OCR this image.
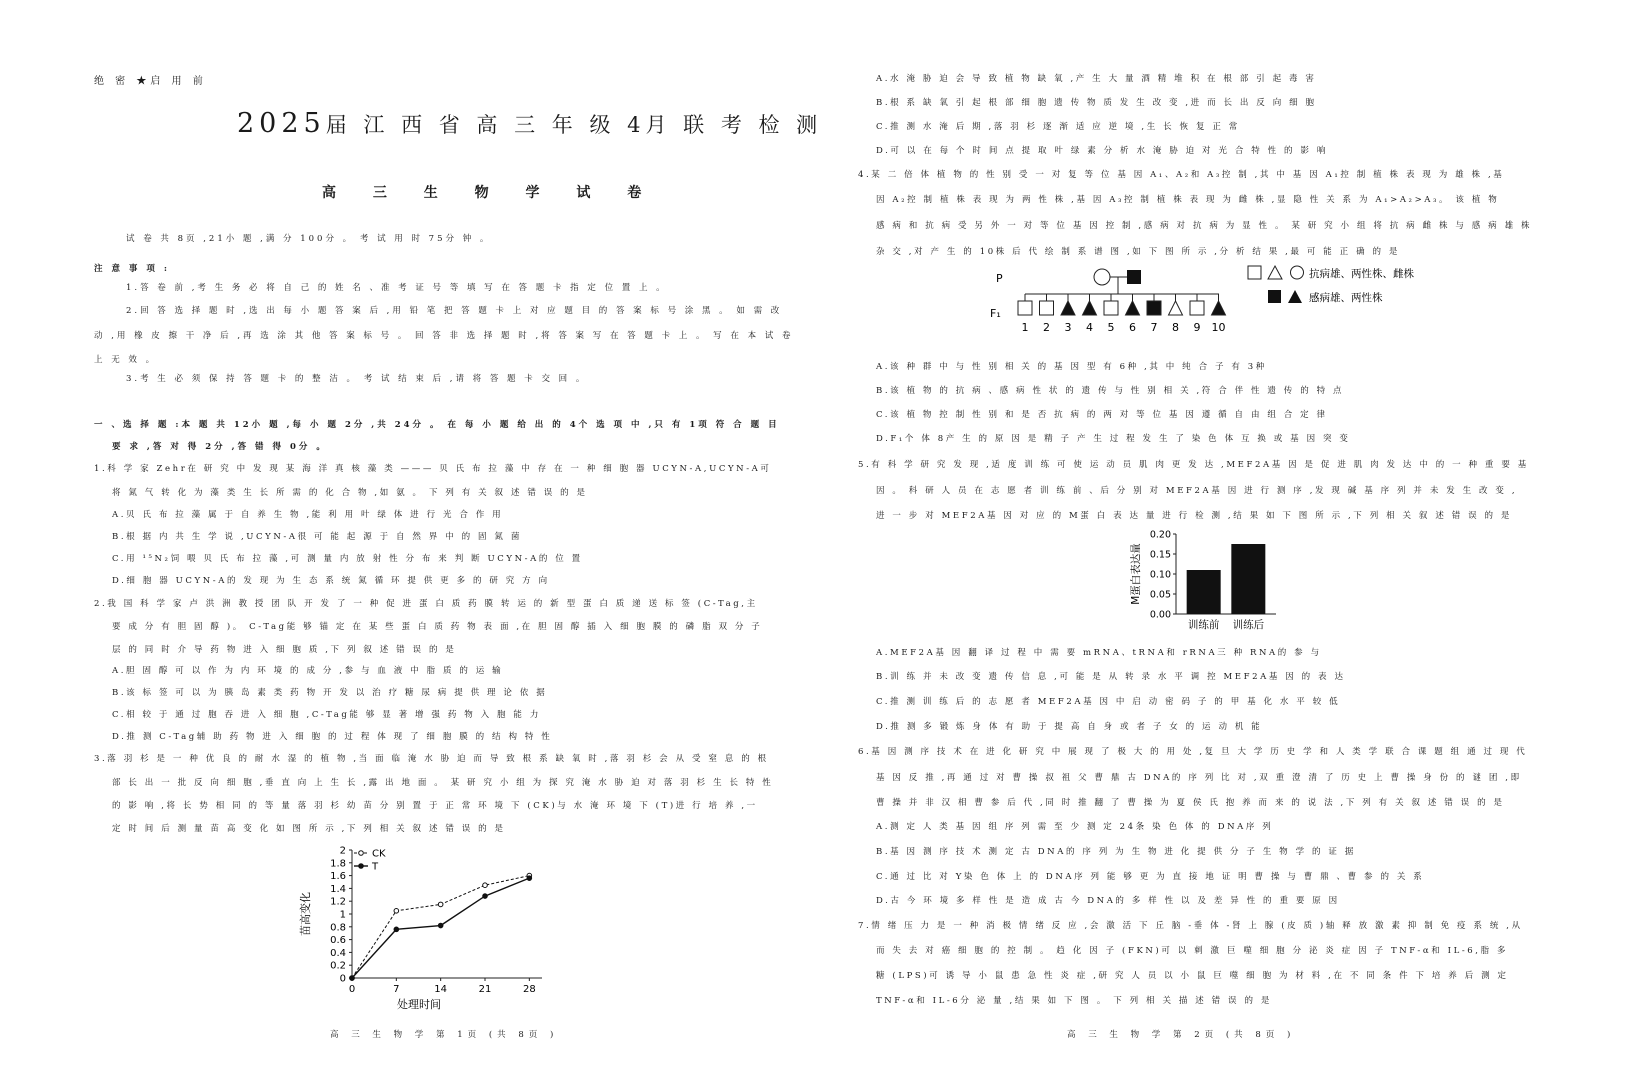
绝 密 ★启 用 前
2025届 江 西 省 高 三 年 级 4月 联 考 检 测
高 三 生 物 学 试 卷
试 卷 共 8页 ,21小 题 ,满 分 100分 。 考 试 用 时 75分 钟 。
注 意 事 项 :
1.答 卷 前 ,考 生 务 必 将 自 己 的 姓 名 、准 考 证 号 等 填 写 在 答 题 卡 指 定 位 置 上 。
2.回 答 选 择 题 时 ,选 出 每 小 题 答 案 后 ,用 铅 笔 把 答 题 卡 上 对 应 题 目 的 答 案 标 号 涂 黑 。 如 需 改
动 ,用 橡 皮 擦 干 净 后 ,再 选 涂 其 他 答 案 标 号 。 回 答 非 选 择 题 时 ,将 答 案 写 在 答 题 卡 上 。 写 在 本 试 卷
上 无 效 。
3.考 生 必 须 保 持 答 题 卡 的 整 洁 。 考 试 结 束 后 ,请 将 答 题 卡 交 回 。
一 、选 择 题 :本 题 共 12小 题 ,每 小 题 2分 ,共 24分 。 在 每 小 题 给 出 的 4个 选 项 中 ,只 有 1项 符 合 题 目
要 求 ,答 对 得 2分 ,答 错 得 0分 。
1.科 学 家 Zehr在 研 究 中 发 现 某 海 洋 真 核 藻 类 ——— 贝 氏 布 拉 藻 中 存 在 一 种 细 胞 器 UCYN-A,UCYN-A可
将 氮 气 转 化 为 藻 类 生 长 所 需 的 化 合 物 ,如 氨 。 下 列 有 关 叙 述 错 误 的 是
A.贝 氏 布 拉 藻 属 于 自 养 生 物 ,能 利 用 叶 绿 体 进 行 光 合 作 用
B.根 据 内 共 生 学 说 ,UCYN-A很 可 能 起 源 于 自 然 界 中 的 固 氮 菌
C.用 ¹⁵N₂饲 喂 贝 氏 布 拉 藻 ,可 测 量 内 放 射 性 分 布 来 判 断 UCYN-A的 位 置
D.细 胞 器 UCYN-A的 发 现 为 生 态 系 统 氮 循 环 提 供 更 多 的 研 究 方 向
2.我 国 科 学 家 卢 洪 洲 教 授 团 队 开 发 了 一 种 促 进 蛋 白 质 药 膜 转 运 的 新 型 蛋 白 质 递 送 标 签 (C-Tag,主
要 成 分 有 胆 固 醇 )。 C-Tag能 够 锚 定 在 某 些 蛋 白 质 药 物 表 面 ,在 胆 固 醇 插 入 细 胞 膜 的 磷 脂 双 分 子
层 的 同 时 介 导 药 物 进 入 细 胞 质 ,下 列 叙 述 错 误 的 是
A.胆 固 醇 可 以 作 为 内 环 境 的 成 分 ,参 与 血 液 中 脂 质 的 运 输
B.该 标 签 可 以 为 胰 岛 素 类 药 物 开 发 以 治 疗 糖 尿 病 提 供 理 论 依 据
C.相 较 于 通 过 胞 吞 进 入 细 胞 ,C-Tag能 够 显 著 增 强 药 物 入 胞 能 力
D.推 测 C-Tag辅 助 药 物 进 入 细 胞 的 过 程 体 现 了 细 胞 膜 的 结 构 特 性
3.落 羽 杉 是 一 种 优 良 的 耐 水 湿 的 植 物 ,当 面 临 淹 水 胁 迫 而 导 致 根 系 缺 氧 时 ,落 羽 杉 会 从 受 窒 息 的 根
部 长 出 一 批 反 向 细 胞 ,垂 直 向 上 生 长 ,露 出 地 面 。 某 研 究 小 组 为 探 究 淹 水 胁 迫 对 落 羽 杉 生 长 特 性
的 影 响 ,将 长 势 相 同 的 等 量 落 羽 杉 幼 苗 分 别 置 于 正 常 环 境 下 (CK)与 水 淹 环 境 下 (T)进 行 培 养 ,一
定 时 间 后 测 量 苗 高 变 化 如 图 所 示 ,下 列 相 关 叙 述 错 误 的 是
0
0.2
0.4
0.6
0.8
1
1.2
1.4
1.6
1.8
2
0	7	14	21	28
处理时间
苗高变化
CK
T
高 三 生 物 学 第 1页 (共 8页 )
A.水 淹 胁 迫 会 导 致 植 物 缺 氧 ,产 生 大 量 酒 精 堆 积 在 根 部 引 起 毒 害
B.根 系 缺 氧 引 起 根 部 细 胞 遗 传 物 质 发 生 改 变 ,进 而 长 出 反 向 细 胞
C.推 测 水 淹 后 期 ,落 羽 杉 逐 渐 适 应 逆 境 ,生 长 恢 复 正 常
D.可 以 在 每 个 时 间 点 提 取 叶 绿 素 分 析 水 淹 胁 迫 对 光 合 特 性 的 影 响
4.某 二 倍 体 植 物 的 性 别 受 一 对 复 等 位 基 因 A₁、A₂和 A₃控 制 ,其 中 基 因 A₁控 制 植 株 表 现 为 雄 株 ,基
因 A₂控 制 植 株 表 现 为 两 性 株 ,基 因 A₃控 制 植 株 表 现 为 雌 株 ,显 隐 性 关 系 为 A₁>A₂>A₃。 该 植 物
感 病 和 抗 病 受 另 外 一 对 等 位 基 因 控 制 ,感 病 对 抗 病 为 显 性 。 某 研 究 小 组 将 抗 病 雌 株 与 感 病 雄 株
杂 交 ,对 产 生 的 10株 后 代 绘 制 系 谱 图 ,如 下 图 所 示 ,分 析 结 果 ,最 可 能 正 确 的 是
P
F₁
1 2 3 4 5 6 7 8 9 10
抗病雄、两性株、雌株
感病雄、两性株
A.该 种 群 中 与 性 别 相 关 的 基 因 型 有 6种 ,其 中 纯 合 子 有 3种
B.该 植 物 的 抗 病 、感 病 性 状 的 遗 传 与 性 别 相 关 ,符 合 伴 性 遗 传 的 特 点
C.该 植 物 控 制 性 别 和 是 否 抗 病 的 两 对 等 位 基 因 遵 循 自 由 组 合 定 律
D.F₁个 体 8产 生 的 原 因 是 精 子 产 生 过 程 发 生 了 染 色 体 互 换 或 基 因 突 变
5.有 科 学 研 究 发 现 ,适 度 训 练 可 使 运 动 员 肌 肉 更 发 达 ,MEF2A基 因 是 促 进 肌 肉 发 达 中 的 一 种 重 要 基
因 。 科 研 人 员 在 志 愿 者 训 练 前 、后 分 别 对 MEF2A基 因 进 行 测 序 ,发 现 碱 基 序 列 并 未 发 生 改 变 ,
进 一 步 对 MEF2A基 因 对 应 的 M蛋 白 表 达 量 进 行 检 测 ,结 果 如 下 图 所 示 ,下 列 相 关 叙 述 错 误 的 是
0.00
0.05
0.10
0.15
0.20
M蛋白表达量
训练前 训练后
A.MEF2A基 因 翻 译 过 程 中 需 要 mRNA、tRNA和 rRNA三 种 RNA的 参 与
B.训 练 并 未 改 变 遗 传 信 息 ,可 能 是 从 转 录 水 平 调 控 MEF2A基 因 的 表 达
C.推 测 训 练 后 的 志 愿 者 MEF2A基 因 中 启 动 密 码 子 的 甲 基 化 水 平 较 低
D.推 测 多 锻 炼 身 体 有 助 于 提 高 自 身 或 者 子 女 的 运 动 机 能
6.基 因 测 序 技 术 在 进 化 研 究 中 展 现 了 极 大 的 用 处 ,复 旦 大 学 历 史 学 和 人 类 学 联 合 课 题 组 通 过 现 代
基 因 反 推 ,再 通 过 对 曹 操 叔 祖 父 曹 鼎 古 DNA的 序 列 比 对 ,双 重 澄 清 了 历 史 上 曹 操 身 份 的 谜 团 ,即
曹 操 并 非 汉 相 曹 参 后 代 ,同 时 推 翻 了 曹 操 为 夏 侯 氏 抱 养 而 来 的 说 法 ,下 列 有 关 叙 述 错 误 的 是
A.测 定 人 类 基 因 组 序 列 需 至 少 测 定 24条 染 色 体 的 DNA序 列
B.基 因 测 序 技 术 测 定 古 DNA的 序 列 为 生 物 进 化 提 供 分 子 生 物 学 的 证 据
C.通 过 比 对 Y染 色 体 上 的 DNA序 列 能 够 更 为 直 接 地 证 明 曹 操 与 曹 鼎 、曹 参 的 关 系
D.古 今 环 境 多 样 性 是 造 成 古 今 DNA的 多 样 性 以 及 差 异 性 的 重 要 原 因
7.情 绪 压 力 是 一 种 消 极 情 绪 反 应 ,会 激 活 下 丘 脑 -垂 体 -肾 上 腺 (皮 质 )轴 释 放 激 素 抑 制 免 疫 系 统 ,从
而 失 去 对 癌 细 胞 的 控 制 。 趋 化 因 子 (FKN)可 以 刺 激 巨 噬 细 胞 分 泌 炎 症 因 子 TNF-α和 IL-6,脂 多
糖 (LPS)可 诱 导 小 鼠 患 急 性 炎 症 ,研 究 人 员 以 小 鼠 巨 噬 细 胞 为 材 料 ,在 不 同 条 件 下 培 养 后 测 定
TNF-α和 IL-6分 泌 量 ,结 果 如 下 图 。 下 列 相 关 描 述 错 误 的 是
高 三 生 物 学 第 2页 (共 8页 )
